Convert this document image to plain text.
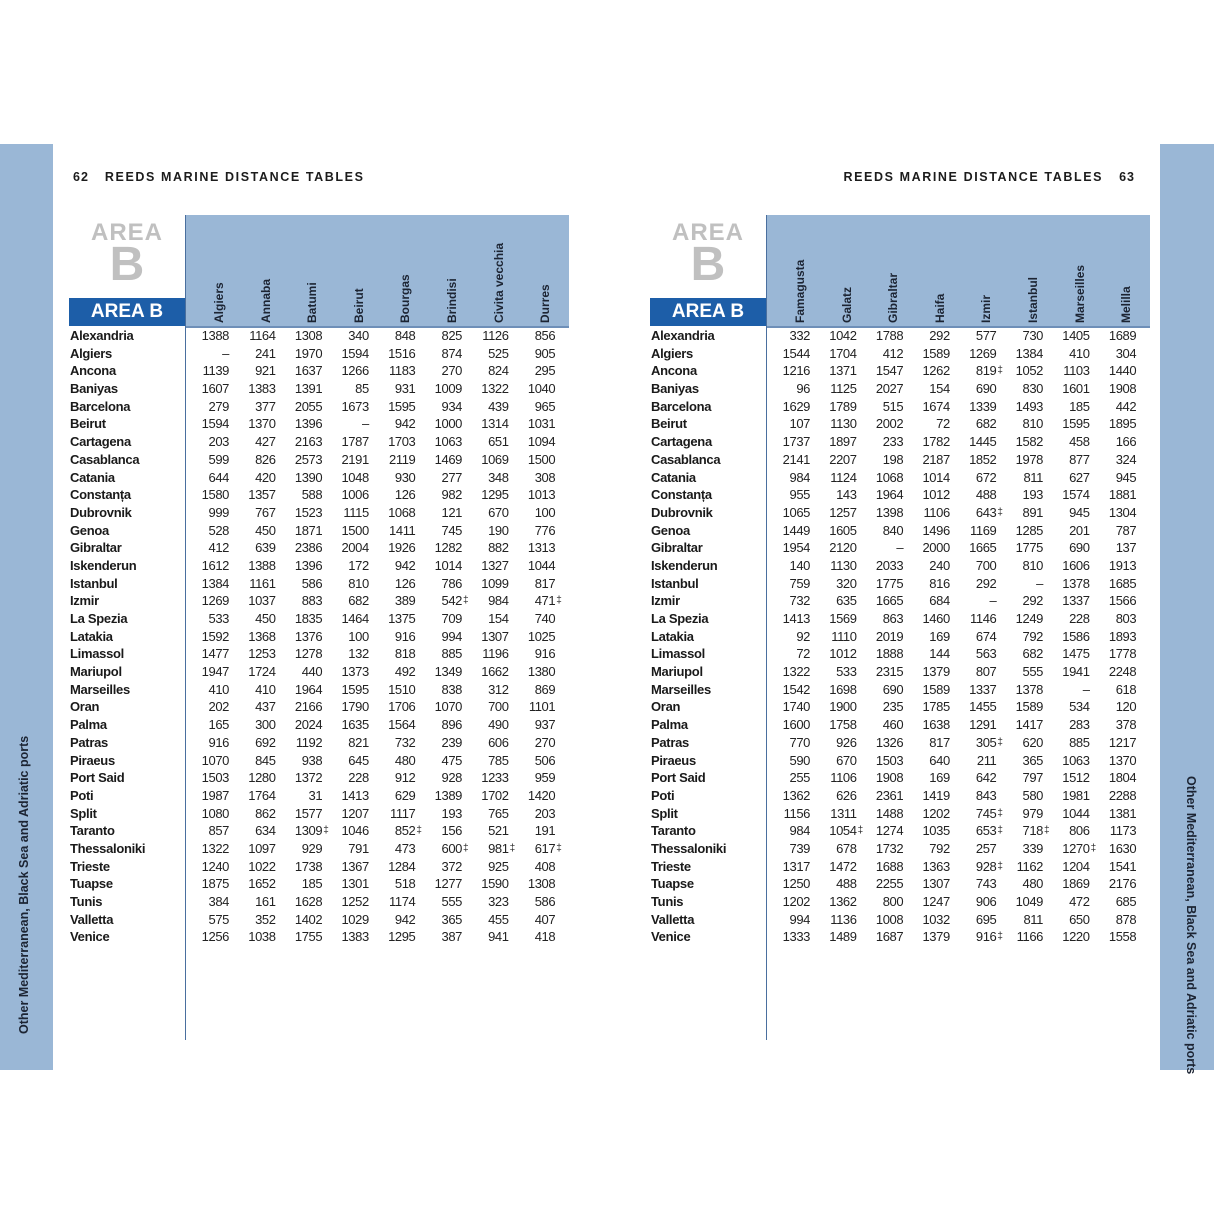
Other Mediterranean, Black Sea and Adriatic ports	Other Mediterranean, Black Sea and Adriatic ports
62 REEDS MARINE DISTANCE TABLES	REEDS MARINE DISTANCE TABLES 63
AREA
B
AREA B	Algiers	Annaba	Batumi	Beirut	Bourgas	Brindisi	Civita vecchia	Durres
Alexandria	1388	1164	1308	340	848	825	1126	856
Algiers	–	241	1970	1594	1516	874	525	905
Ancona	1139	921	1637	1266	1183	270	824	295
Baniyas	1607	1383	1391	85	931	1009	1322	1040
Barcelona	279	377	2055	1673	1595	934	439	965
Beirut	1594	1370	1396	–	942	1000	1314	1031
Cartagena	203	427	2163	1787	1703	1063	651	1094
Casablanca	599	826	2573	2191	2119	1469	1069	1500
Catania	644	420	1390	1048	930	277	348	308
Constanța	1580	1357	588	1006	126	982	1295	1013
Dubrovnik	999	767	1523	1115	1068	121	670	100
Genoa	528	450	1871	1500	1411	745	190	776
Gibraltar	412	639	2386	2004	1926	1282	882	1313
Iskenderun	1612	1388	1396	172	942	1014	1327	1044
Istanbul	1384	1161	586	810	126	786	1099	817
Izmir	1269	1037	883	682	389	542 ‡	984	471 ‡
La Spezia	533	450	1835	1464	1375	709	154	740
Latakia	1592	1368	1376	100	916	994	1307	1025
Limassol	1477	1253	1278	132	818	885	1196	916
Mariupol	1947	1724	440	1373	492	1349	1662	1380
Marseilles	410	410	1964	1595	1510	838	312	869
Oran	202	437	2166	1790	1706	1070	700	1101
Palma	165	300	2024	1635	1564	896	490	937
Patras	916	692	1192	821	732	239	606	270
Piraeus	1070	845	938	645	480	475	785	506
Port Said	1503	1280	1372	228	912	928	1233	959
Poti	1987	1764	31	1413	629	1389	1702	1420
Split	1080	862	1577	1207	1117	193	765	203
Taranto	857	634	1309 ‡	1046	852 ‡	156	521	191
Thessaloniki	1322	1097	929	791	473	600 ‡	981 ‡	617 ‡
Trieste	1240	1022	1738	1367	1284	372	925	408
Tuapse	1875	1652	185	1301	518	1277	1590	1308
Tunis	384	161	1628	1252	1174	555	323	586
Valletta	575	352	1402	1029	942	365	455	407
Venice	1256	1038	1755	1383	1295	387	941	418
AREA
B
AREA B	Famagusta	Galatz	Gibraltar	Haifa	Izmir	Istanbul	Marseilles	Melilla
Alexandria	332	1042	1788	292	577	730	1405	1689
Algiers	1544	1704	412	1589	1269	1384	410	304
Ancona	1216	1371	1547	1262	819 ‡	1052	1103	1440
Baniyas	96	1125	2027	154	690	830	1601	1908
Barcelona	1629	1789	515	1674	1339	1493	185	442
Beirut	107	1130	2002	72	682	810	1595	1895
Cartagena	1737	1897	233	1782	1445	1582	458	166
Casablanca	2141	2207	198	2187	1852	1978	877	324
Catania	984	1124	1068	1014	672	811	627	945
Constanța	955	143	1964	1012	488	193	1574	1881
Dubrovnik	1065	1257	1398	1106	643 ‡	891	945	1304
Genoa	1449	1605	840	1496	1169	1285	201	787
Gibraltar	1954	2120	–	2000	1665	1775	690	137
Iskenderun	140	1130	2033	240	700	810	1606	1913
Istanbul	759	320	1775	816	292	–	1378	1685
Izmir	732	635	1665	684	–	292	1337	1566
La Spezia	1413	1569	863	1460	1146	1249	228	803
Latakia	92	1110	2019	169	674	792	1586	1893
Limassol	72	1012	1888	144	563	682	1475	1778
Mariupol	1322	533	2315	1379	807	555	1941	2248
Marseilles	1542	1698	690	1589	1337	1378	–	618
Oran	1740	1900	235	1785	1455	1589	534	120
Palma	1600	1758	460	1638	1291	1417	283	378
Patras	770	926	1326	817	305 ‡	620	885	1217
Piraeus	590	670	1503	640	211	365	1063	1370
Port Said	255	1106	1908	169	642	797	1512	1804
Poti	1362	626	2361	1419	843	580	1981	2288
Split	1156	1311	1488	1202	745 ‡	979	1044	1381
Taranto	984	1054 ‡	1274	1035	653 ‡	718 ‡	806	1173
Thessaloniki	739	678	1732	792	257	339	1270 ‡	1630
Trieste	1317	1472	1688	1363	928 ‡	1162	1204	1541
Tuapse	1250	488	2255	1307	743	480	1869	2176
Tunis	1202	1362	800	1247	906	1049	472	685
Valletta	994	1136	1008	1032	695	811	650	878
Venice	1333	1489	1687	1379	916 ‡	1166	1220	1558
